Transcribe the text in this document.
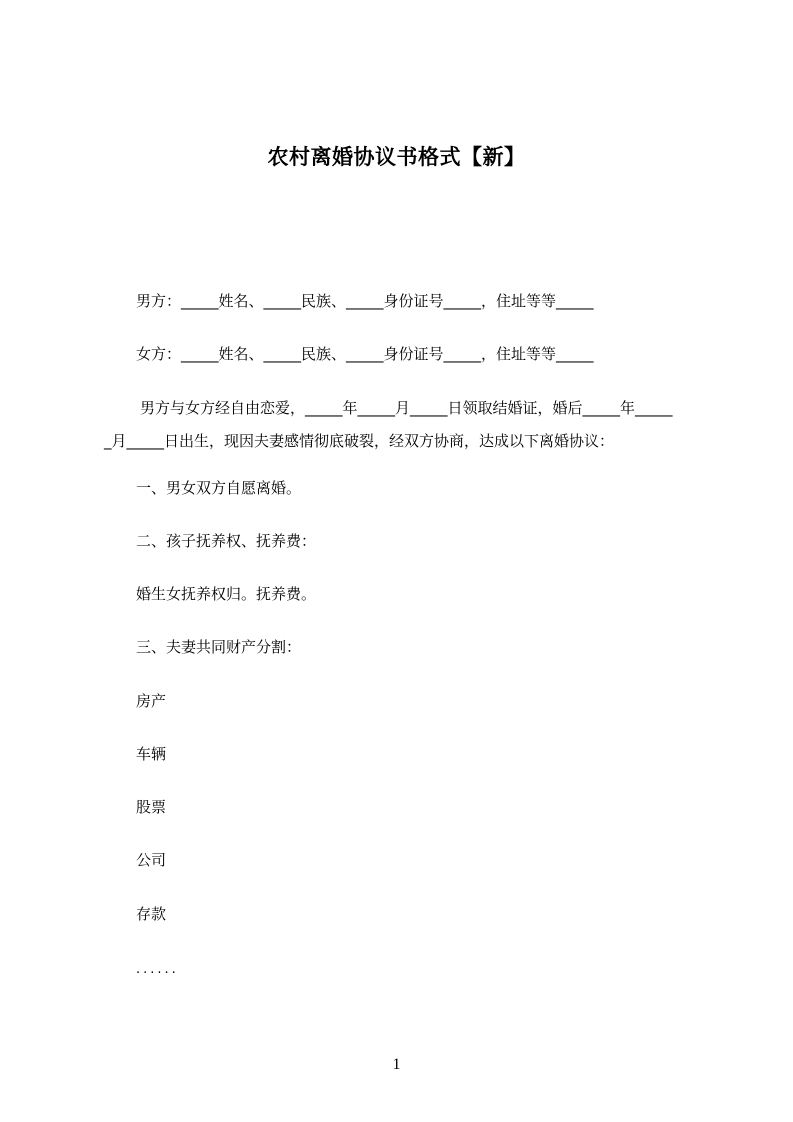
农村离婚协议书格式【新】
男方：_____姓名、_____民族、_____身份证号_____，住址等等_____
女方：_____姓名、_____民族、_____身份证号_____，住址等等_____
男方与女方经自由恋爱，_____年_____月_____日领取结婚证，婚后_____年_____
_月_____日出生，现因夫妻感情彻底破裂，经双方协商，达成以下离婚协议：
一、男女双方自愿离婚。
二、孩子抚养权、抚养费：
婚生女抚养权归。抚养费。
三、夫妻共同财产分割：
房产
车辆
股票
公司
存款
......
1
